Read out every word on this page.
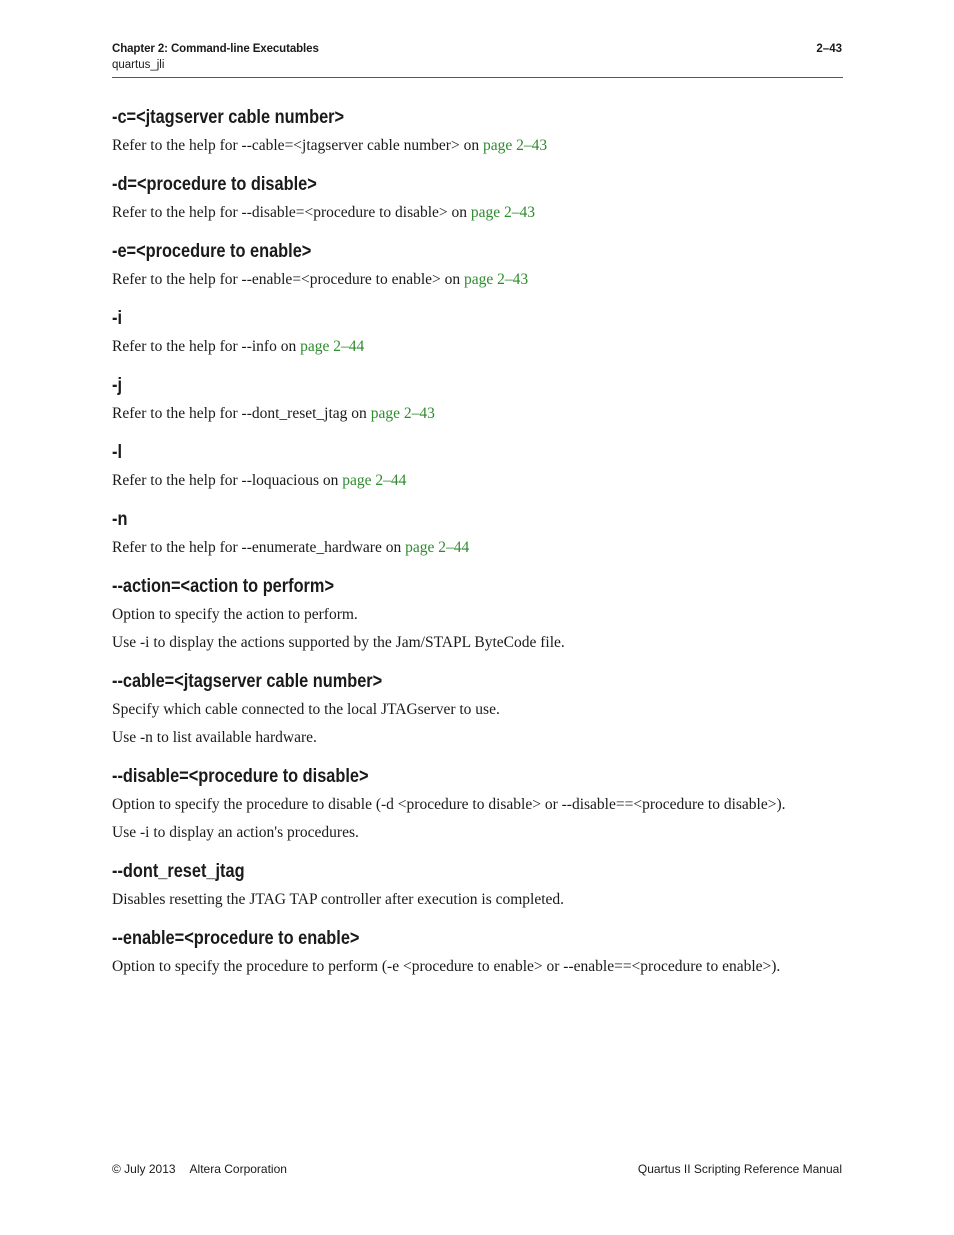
Chapter 2: Command-line Executables
quartus_jli
2–43
-c=<jtagserver cable number>

Refer to the help for --cable=<jtagserver cable number> on page 2–43

-d=<procedure to disable>

Refer to the help for --disable=<procedure to disable> on page 2–43

-e=<procedure to enable>

Refer to the help for --enable=<procedure to enable> on page 2–43

-i

Refer to the help for --info on page 2–44

-j

Refer to the help for --dont_reset_jtag on page 2–43

-l

Refer to the help for --loquacious on page 2–44

-n

Refer to the help for --enumerate_hardware on page 2–44

--action=<action to perform>

Option to specify the action to perform.

Use -i to display the actions supported by the Jam/STAPL ByteCode file.

--cable=<jtagserver cable number>

Specify which cable connected to the local JTAGserver to use.

Use -n to list available hardware.

--disable=<procedure to disable>

Option to specify the procedure to disable (-d <procedure to disable> or --disable==<procedure to disable>).

Use -i to display an action's procedures.

--dont_reset_jtag

Disables resetting the JTAG TAP controller after execution is completed.

--enable=<procedure to enable>

Option to specify the procedure to perform (-e <procedure to enable> or --enable==<procedure to enable>).

© July 2013 Altera Corporation	Quartus II Scripting Reference Manual
